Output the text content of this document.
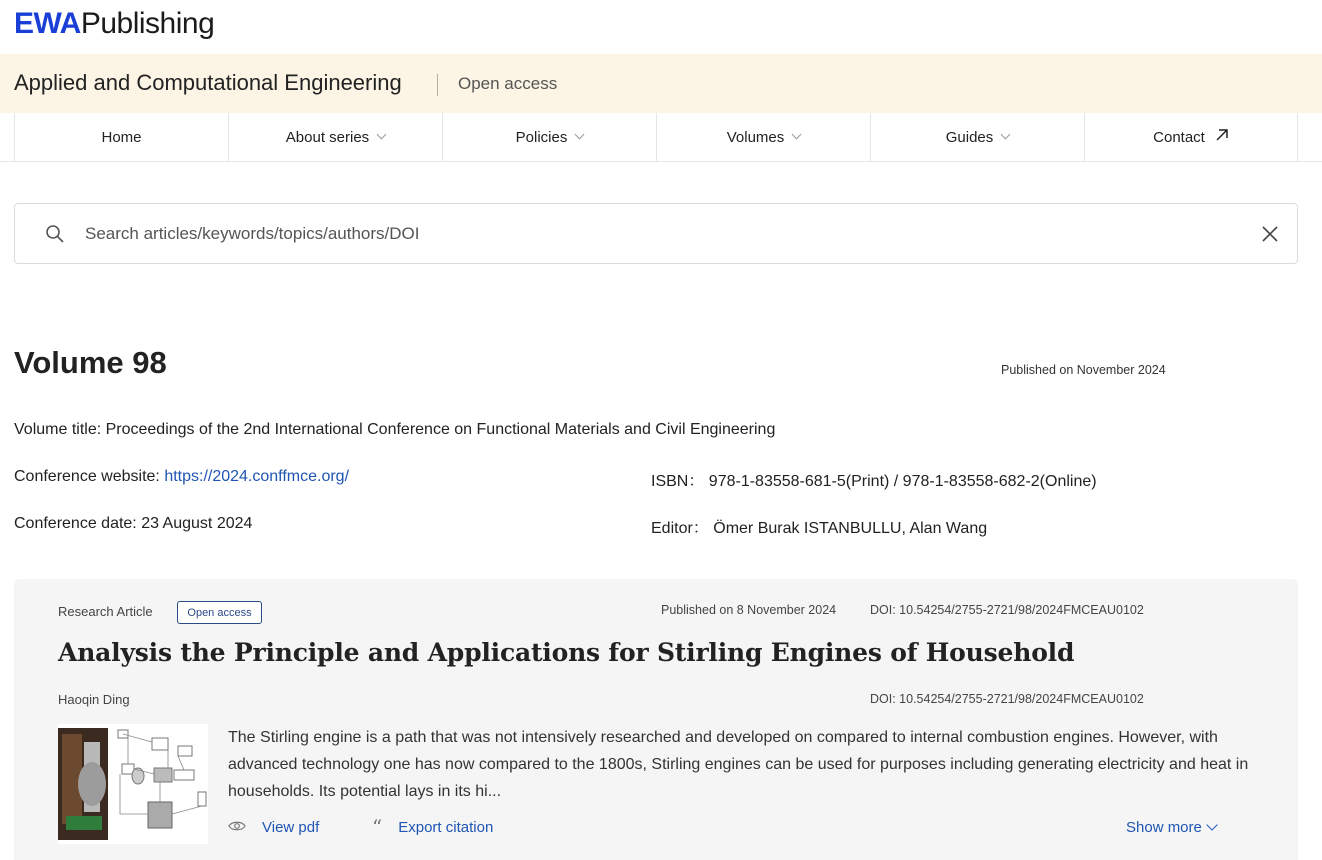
EWAPublishing
Applied and Computational Engineering	Open access
Home	About series	Policies	Volumes	Guides	Contact
Search articles/keywords/topics/authors/DOI
Volume 98	Published on November 2024
Volume title: Proceedings of the 2nd International Conference on Functional Materials and Civil Engineering
Conference website: https://2024.conffmce.org/	ISBN： 978-1-83558-681-5(Print) / 978-1-83558-682-2(Online)
Conference date: 23 August 2024	Editor： Ömer Burak ISTANBULLU, Alan Wang
Research Article	Open access	Published on 8 November 2024	DOI: 10.54254/2755-2721/98/2024FMCEAU0102
Analysis the Principle and Applications for Stirling Engines of Household
Haoqin Ding	DOI: 10.54254/2755-2721/98/2024FMCEAU0102

The Stirling engine is a path that was not intensively researched and developed on compared to internal combustion engines. However, with advanced technology one has now compared to the 1800s, Stirling engines can be used for purposes including generating electricity and heat in households. Its potential lays in its hi...

View pdf	“ Export citation	Show more
